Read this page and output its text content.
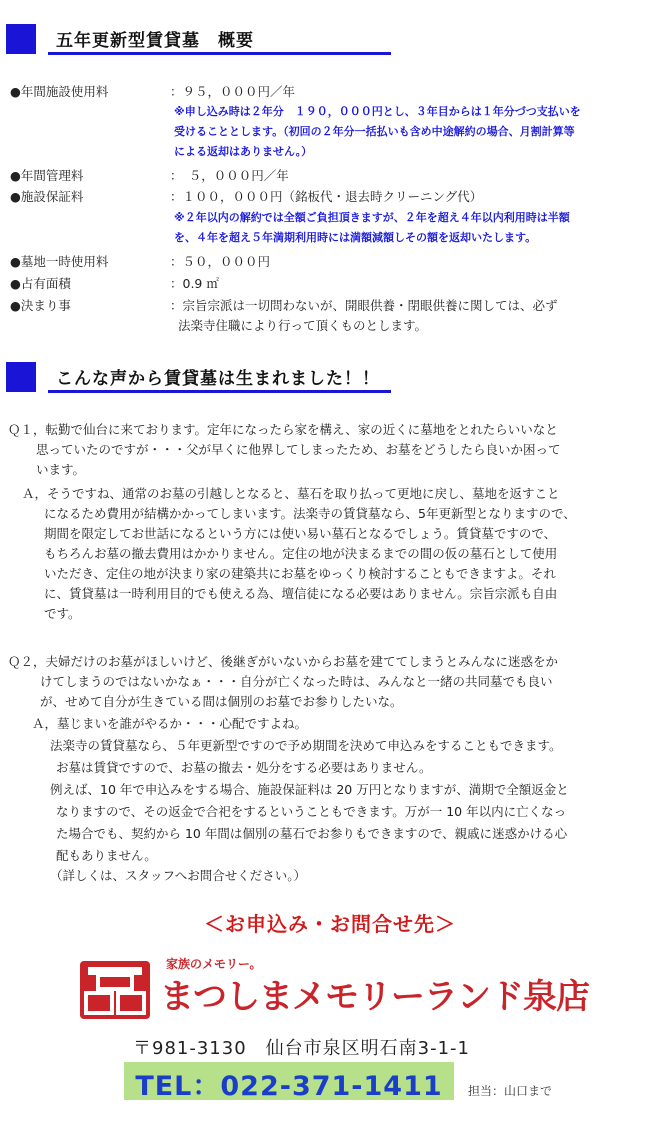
五年更新型賃貸墓　概要
●年間施設使用料	：９５，０００円／年
※申し込み時は２年分　１９０，０００円とし、３年目からは１年分づつ支払いを
受けることとします。（初回の２年分一括払いも含め中途解約の場合、月割計算等
による返却はありません。）
●年間管理料	：　５，０００円／年
●施設保証料	：１００，０００円（銘板代・退去時クリーニング代）
※２年以内の解約では全額ご負担頂きますが、２年を超え４年以内利用時は半額
を、４年を超え５年満期利用時には満額減額しその額を返却いたします。
●墓地一時使用料	：５０，０００円
●占有面積	：0.9 ㎡
●決まり事	：宗旨宗派は一切問わないが、開眼供養・閉眼供養に関しては、必ず
法楽寺住職により行って頂くものとします。
こんな声から賃貸墓は生まれました！！
Ｑ１，転勤で仙台に来ております。定年になったら家を構え、家の近くに墓地をとれたらいいなと
思っていたのですが・・・父が早くに他界してしまったため、お墓をどうしたら良いか困って
います。
Ａ，そうですね、通常のお墓の引越しとなると、墓石を取り払って更地に戻し、墓地を返すこと
になるため費用が結構かかってしまいます。法楽寺の賃貸墓なら、5年更新型となりますので、
期間を限定してお世話になるという方には使い易い墓石となるでしょう。賃貸墓ですので、
もちろんお墓の撤去費用はかかりません。定住の地が決まるまでの間の仮の墓石として使用
いただき、定住の地が決まり家の建築共にお墓をゆっくり検討することもできますよ。それ
に、賃貸墓は一時利用目的でも使える為、壇信徒になる必要はありません。宗旨宗派も自由
です。
Ｑ２，夫婦だけのお墓がほしいけど、後継ぎがいないからお墓を建ててしまうとみんなに迷惑をか
けてしまうのではないかなぁ・・・自分が亡くなった時は、みんなと一緒の共同墓でも良い
が、せめて自分が生きている間は個別のお墓でお参りしたいな。
Ａ，墓じまいを誰がやるか・・・心配ですよね。
法楽寺の賃貸墓なら、５年更新型ですので予め期間を決めて申込みをすることもできます。
お墓は賃貸ですので、お墓の撤去・処分をする必要はありません。
例えば、10 年で申込みをする場合、施設保証料は 20 万円となりますが、満期で全額返金と
なりますので、その返金で合祀をするということもできます。万が一 10 年以内に亡くなっ
た場合でも、契約から 10 年間は個別の墓石でお参りもできますので、親戚に迷惑かける心
配もありません。
（詳しくは、スタッフへお問合せください。）
＜お申込み・お問合せ先＞
家族のメモリー。
まつしまメモリーランド泉店
〒981-3130　仙台市泉区明石南3-1-1
TEL：022-371-1411	担当：山口まで
